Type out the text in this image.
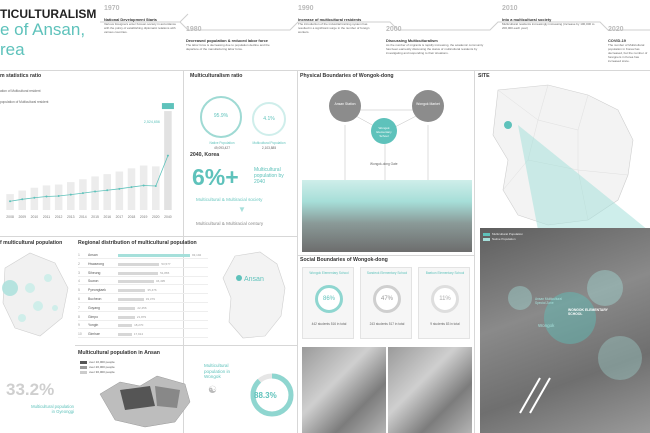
TICULTURALISM
e of Ansan,
rea
1970
National Development Starts
Various foreigners enter Korean society in accordance with the policy of establishing diplomatic relations with various countries.	1980
Decreased population & reduced labor force
The labor force is decreasing due to population decline and the departure of the manufacturing labor force.
1990
Increase of multicultural residents
The introduction of the industrial training system has resulted in a significant surge in the number of foreign workers.	2000
Discussing Multiculturalism
As the number of migrants is rapidly increasing, the academic community has been earnestly discussing the status of multicultural residents by investigating and responding to their situations.
2010
Into a multicultural society
Multicultural residents increasingly increasing (increase by 100,000 to 200,000 each year)	2020
COVID-19
The number of Multicultural population in Korea has decreased, but the number of foreigners in Korea has increased since.
m statistics ratio
ation of Multicultural resident
population of Multicultural resident
2008 2009 2010 2011 2012 2013 2014 2015 2016 2017 2018 2019 2020 2040
2,524,656
Multiculturalism ratio
95.9%
Native Population
49,093,427
4.1%
Multicultural Population
2,103,885
2040, Korea
6%+	Multicultural population by 2040
Multicultural & Multiracial society
▼
Multicultural & Multiracial century
Physical Boundaries of Wongok-dong
Ansan Station
Wongok Elementary School
Wongok Market
Wongok-dong Gate
Social Boundaries of Wongok-dong
Wongok Elementary School
86%
442 students 516 in total
Sandeok Elementary School
47%
243 students 517 in total
Baekun Elementary School
11%
9 students 83 in total
SITE
Multicultural Population
Native Population
WONGOK ELEMENTARY SCHOOL
Ansan Multicultural Special Zone
Wongok
f multicultural population
33.2%
Multicultural population in Gyeonggi
Regional distribution of multicultural population
1 Ansan	93,192
2 Hwaseong	53,577
3 Siheung	51,865
4 Suwon	46,495
5 Pyeongtaek	35,476
6 Bucheon	33,379
7 Goyang	22,456
8 Gimpo	21,879
9 Yongin	18,270
10 Gimhae	17,914
Ansan
Multicultural population in Ansan
over 10,000 people
over 20,000 people
over 30,000 people
☯
Multicultural population in Wongok
88.3%
